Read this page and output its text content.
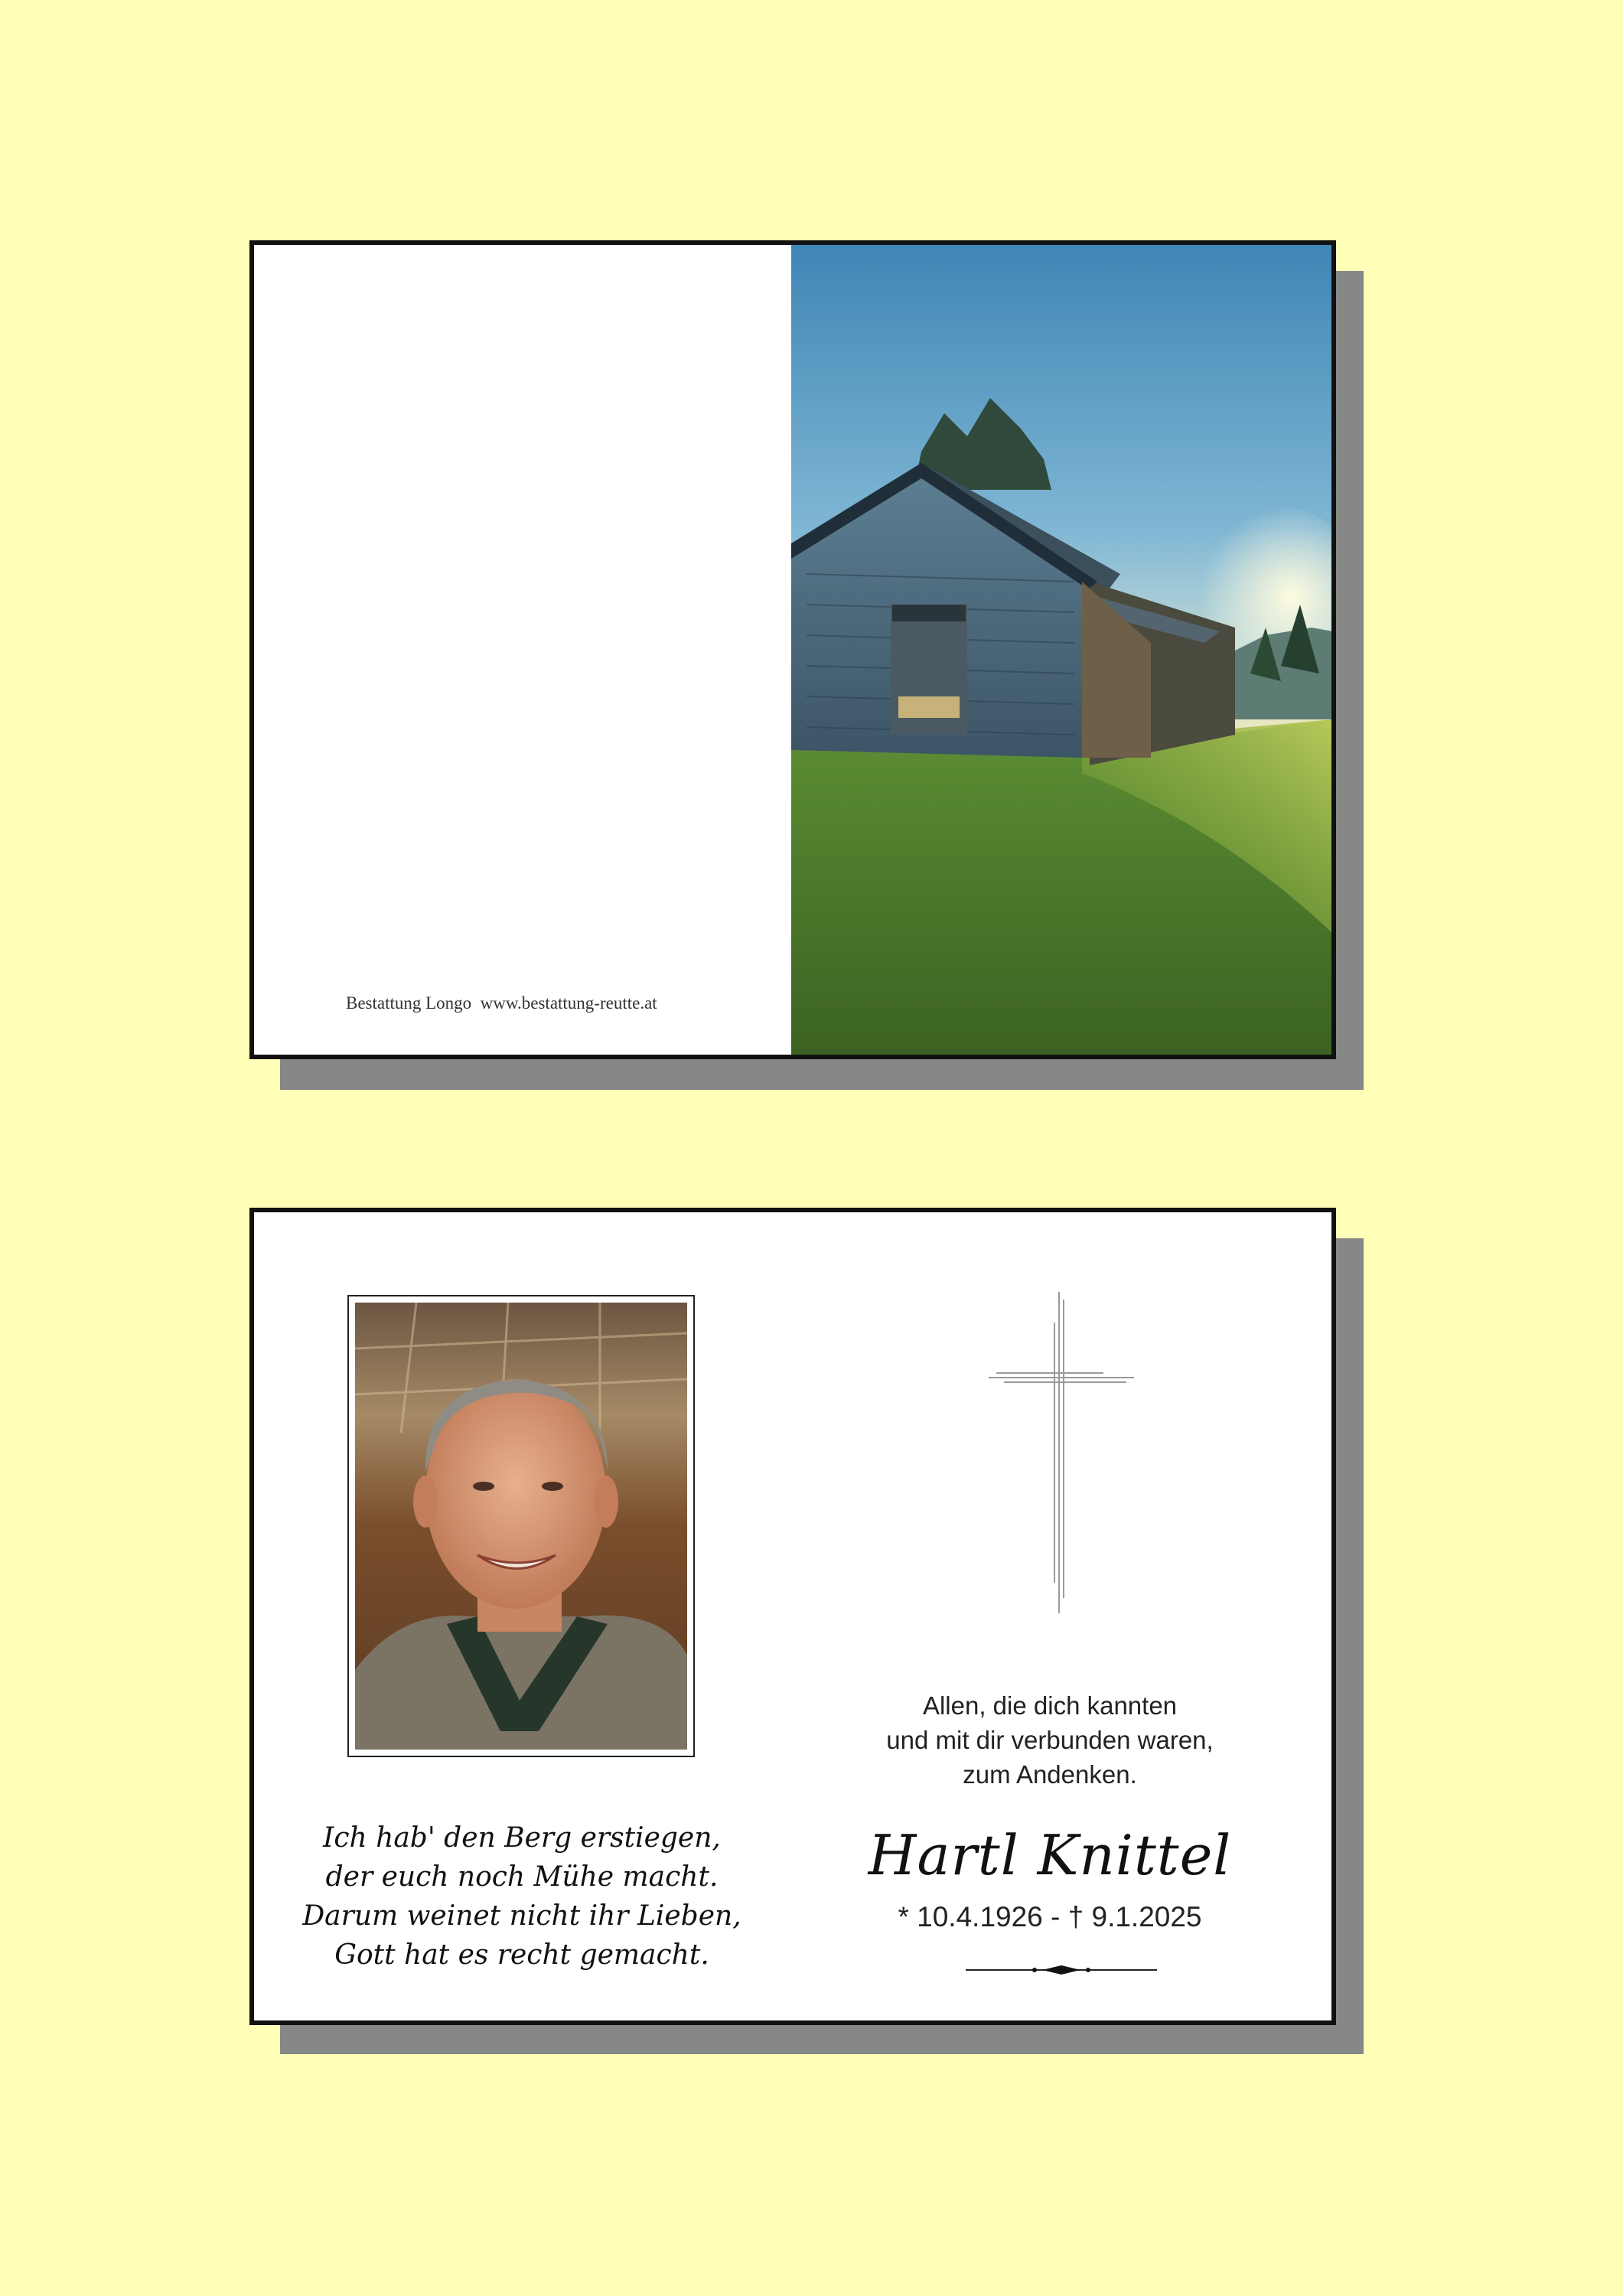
Bestattung Longo  www.bestattung-reutte.at
Ich hab' den Berg erstiegen,
der euch noch Mühe macht.
Darum weinet nicht ihr Lieben,
Gott hat es recht gemacht.
Allen, die dich kannten
und mit dir verbunden waren,
zum Andenken.
Hartl Knittel
* 10.4.1926 - † 9.1.2025
